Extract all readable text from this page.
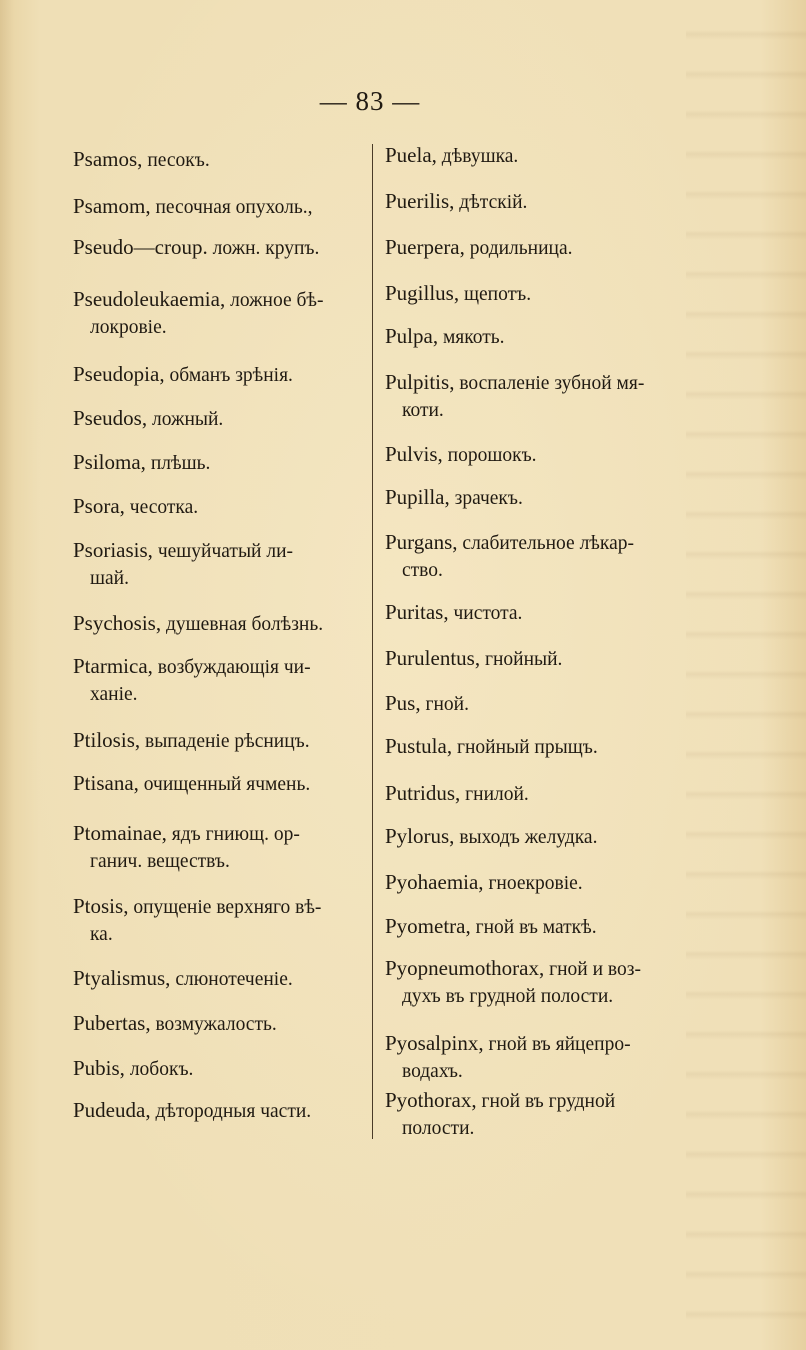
— 83 —
Psamos, песокъ.
Psamom, песочная опухоль.,
Pseudo—croup. ложн. крупъ.
Pseudoleukaemia, ложное бѣ-
локровіе.
Pseudopia, обманъ зрѣнія.
Pseudos, ложный.
Psiloma, плѣшь.
Psora, чесотка.
Psoriasis, чешуйчатый ли-
шай.
Psychosis, душевная болѣзнь.
Ptarmica, возбуждающія чи-
ханіе.
Ptilosis, выпаденіе рѣсницъ.
Ptisana, очищенный ячмень.
Ptomainae, ядъ гниющ. ор-
ганич. веществъ.
Ptosis, опущеніе верхняго вѣ-
ка.
Ptyalismus, слюнотеченіе.
Pubertas, возмужалость.
Pubis, лобокъ.
Pudeuda, дѣтородныя части.
Puela, дѣвушка.
Puerilis, дѣтскій.
Puerpera, родильница.
Pugillus, щепотъ.
Pulpa, мякоть.
Pulpitis, воспаленіе зубной мя-
коти.
Pulvis, порошокъ.
Pupilla, зрачекъ.
Purgans, слабительное лѣкар-
ство.
Puritas, чистота.
Purulentus, гнойный.
Pus, гной.
Pustula, гнойный прыщъ.
Putridus, гнилой.
Pylorus, выходъ желудка.
Pyohaemia, гноекровіе.
Pyometra, гной въ маткѣ.
Pyopneumothorax, гной и воз-
духъ въ грудной полости.
Pyosalpinx, гной въ яйцепро-
водахъ.
Pyothorax, гной въ грудной
полости.
